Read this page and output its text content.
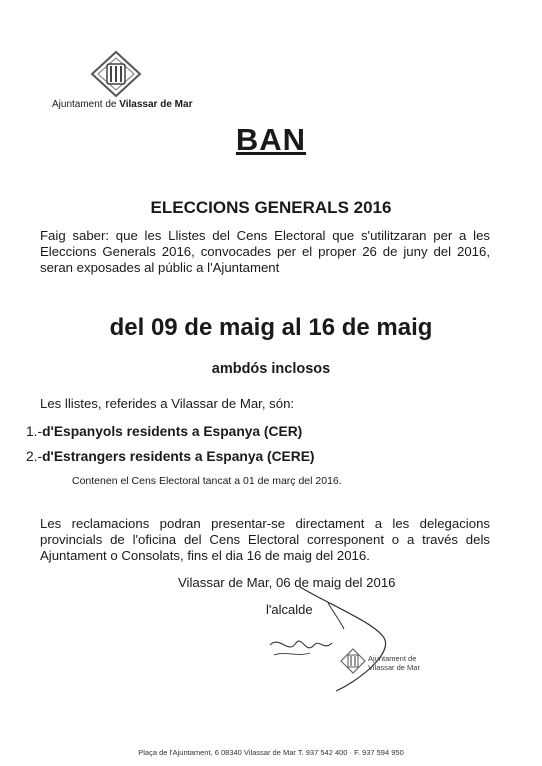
Ajuntament de Vilassar de Mar
BAN
ELECCIONS GENERALS 2016
Faig saber: que les Llistes del Cens Electoral que s'utilitzaran per a les Eleccions Generals 2016, convocades per el proper 26 de juny del 2016, seran exposades al públic a l'Ajuntament
del 09 de maig al 16 de maig
ambdós inclosos
Les llistes, referides a Vilassar de Mar, són:
1.-d'Espanyols residents a Espanya (CER)
2.-d'Estrangers residents a Espanya (CERE)
Contenen el Cens Electoral tancat a 01 de març del 2016.
Les reclamacions podran presentar-se directament a les delegacions provincials de l'oficina del Cens Electoral corresponent o a través dels Ajuntament o Consolats, fins el dia 16 de maig del 2016.
Vilassar de Mar, 06 de maig del 2016
l'alcalde
Ajuntament de
Vilassar de Mar
Plaça de l'Ajuntament, 6 08340 Vilassar de Mar T. 937 542 400 · F. 937 594 950
